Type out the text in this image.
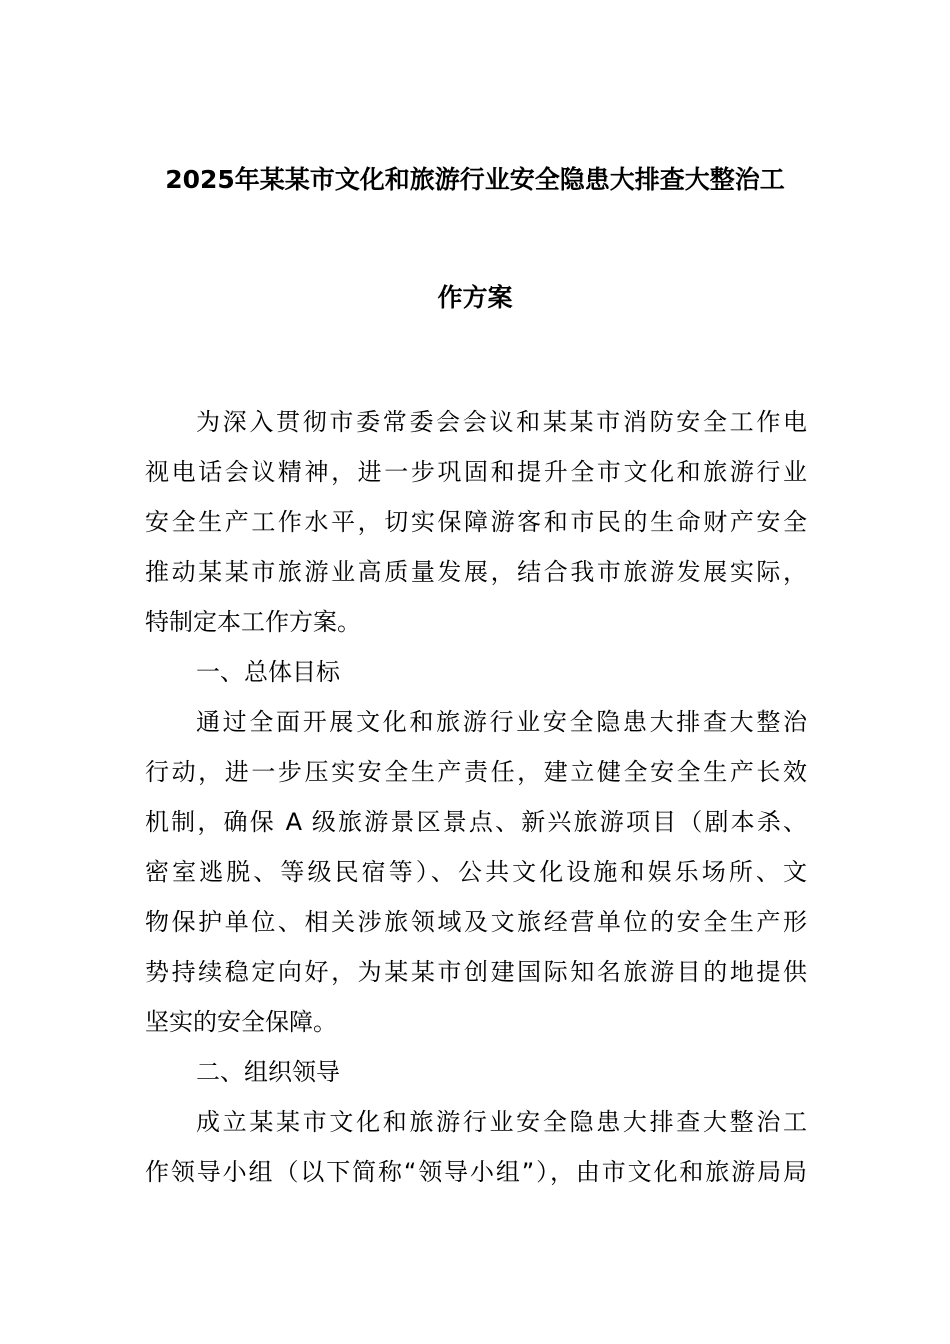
2025年某某市文化和旅游行业安全隐患大排查大整治工
作方案
为深入贯彻市委常委会会议和某某市消防安全工作电
视电话会议精神，进一步巩固和提升全市文化和旅游行业
安全生产工作水平，切实保障游客和市民的生命财产安全
推动某某市旅游业高质量发展，结合我市旅游发展实际，
特制定本工作方案。
一、总体目标
通过全面开展文化和旅游行业安全隐患大排查大整治
行动，进一步压实安全生产责任，建立健全安全生产长效
机制，确保 A 级旅游景区景点、新兴旅游项目（剧本杀、
密室逃脱、等级民宿等）、公共文化设施和娱乐场所、文
物保护单位、相关涉旅领域及文旅经营单位的安全生产形
势持续稳定向好，为某某市创建国际知名旅游目的地提供
坚实的安全保障。
二、组织领导
成立某某市文化和旅游行业安全隐患大排查大整治工
作领导小组（以下简称“领导小组”），由市文化和旅游局局
